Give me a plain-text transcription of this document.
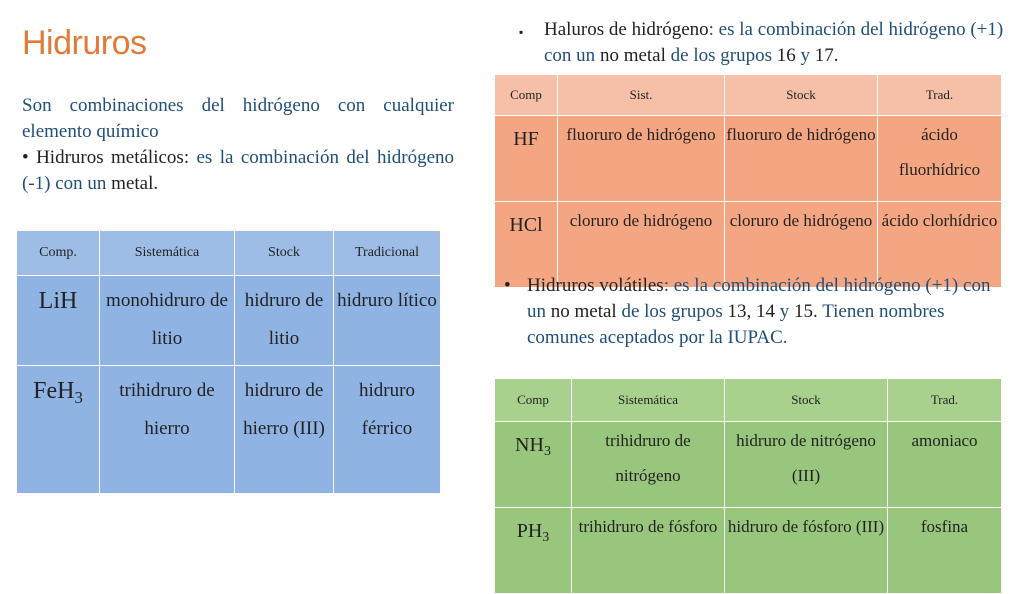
Hidruros

Son combinaciones del hidrógeno con cualquier elemento químico

• Hidruros metálicos: es la combinación del hidrógeno (-1) con un metal.

▪ Haluros de hidrógeno: es la combinación del hidrógeno (+1) con un no metal de los grupos 16 y 17.
Comp	Sist.	Stock	Trad.
HF	fluoruro de hidrógeno	fluoruro de hidrógeno	ácido fluorhídrico
HCl	cloruro de hidrógeno	cloruro de hidrógeno	ácido clorhídrico
• Hidruros volátiles: es la combinación del hidrógeno (+1) con un no metal de los grupos 13, 14 y 15. Tienen nombres comunes aceptados por la IUPAC.
Comp.	Sistemática	Stock	Tradicional
LiH	monohidruro de litio	hidruro de litio	hidruro lítico
FeH$_3$	trihidruro de hierro	hidruro de hierro (III)	hidruro férrico
Comp	Sistemática	Stock	Trad.
$NH_3$	trihidruro de nitrógeno	hidruro de nitrógeno (III)	amoniaco
$PH_3$	trihidruro de fósforo	hidruro de fósforo (III)	fosfina
